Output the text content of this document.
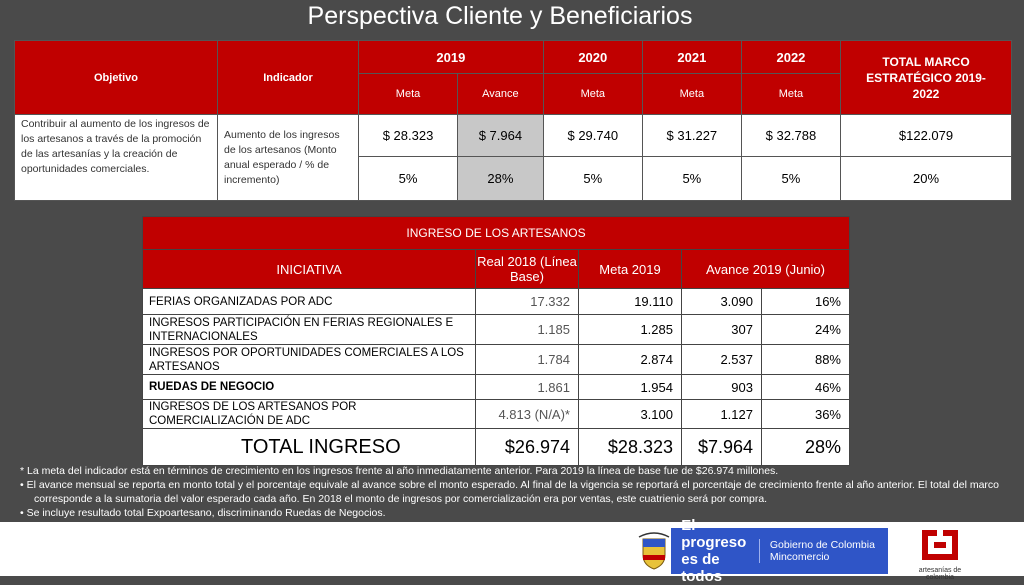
Perspectiva Cliente y Beneficiarios
Objetivo	Indicador	2019		2020	2021	2022	TOTAL MARCO ESTRATÉGICO 2019-2022
		Meta	Avance	Meta	Meta	Meta	
Contribuir al aumento de los ingresos de los artesanos a través de la promoción de las artesanías y la creación de oportunidades comerciales.	Aumento de los ingresos de los artesanos (Monto anual esperado / % de incremento)	$ 28.323	$ 7.964	$ 29.740	$ 31.227	$ 32.788	$122.079
		5%	28%	5%	5%	5%	20%
INGRESO DE LOS ARTESANOS				
INICIATIVA	Real 2018 (Línea Base)	Meta 2019	Avance 2019 (Junio)	
FERIAS ORGANIZADAS POR ADC	17.332	19.110	3.090	16%
INGRESOS PARTICIPACIÓN EN FERIAS REGIONALES E INTERNACIONALES	1.185	1.285	307	24%
INGRESOS POR OPORTUNIDADES COMERCIALES A LOS ARTESANOS	1.784	2.874	2.537	88%
RUEDAS DE NEGOCIO	1.861	1.954	903	46%
INGRESOS DE LOS ARTESANOS POR COMERCIALIZACIÓN DE ADC	4.813 (N/A)*	3.100	1.127	36%
TOTAL INGRESO	$26.974	$28.323	$7.964	28%

* La meta del indicador está en términos de crecimiento en los ingresos frente al año inmediatamente anterior. Para 2019 la línea de base fue de $26.974 millones.

• El avance mensual se reporta en monto total y el porcentaje equivale al avance sobre el monto esperado. Al final de la vigencia se reportará el porcentaje de crecimiento frente al año anterior. El total del marco corresponde a la sumatoria del valor esperado cada año. En 2018 el monto de ingresos por comercialización era por ventas, este cuatrienio será por compra.

• Se incluye resultado total Expoartesano, discriminando Ruedas de Negocios.

El progreso es de todos
Gobierno de Colombia Mincomercio
artesanías de colombia
